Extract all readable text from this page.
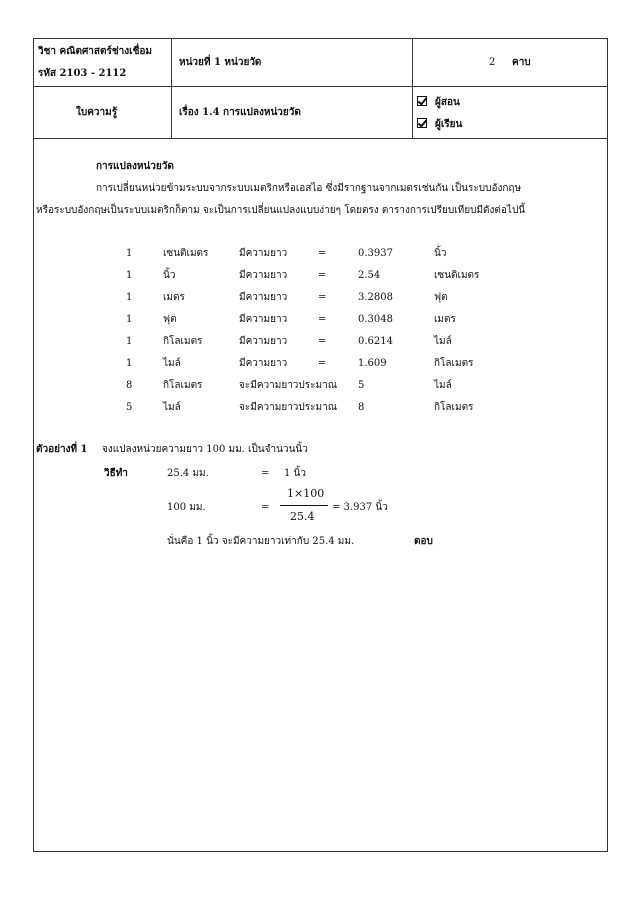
วิชา คณิตศาสตร์ช่างเชื่อม
รหัส 2103 - 2112
หน่วยที่ 1 หน่วยวัด	2 คาบ
ใบความรู้	เรื่อง 1.4 การแปลงหน่วยวัด
ผู้สอน
ผู้เรียน
การแปลงหน่วยวัด
การเปลี่ยนหน่วยข้ามระบบจากระบบเมตริกหรือเอสไอ ซึ่งมีรากฐานจากเมตรเช่นกัน เป็นระบบอังกฤษ
หรือระบบอังกฤษเป็นระบบเมตริกก็ตาม จะเป็นการเปลี่ยนแปลงแบบง่ายๆ โดยตรง ตารางการเปรียบเทียบมีดังต่อไปนี้
1	เซนติเมตร	มีความยาว	=	0.3937	นิ้ว
1	นิ้ว	มีความยาว	=	2.54	เซนติเมตร
1	เมตร	มีความยาว	=	3.2808	ฟุต
1	ฟุต	มีความยาว	=	0.3048	เมตร
1	กิโลเมตร	มีความยาว	=	0.6214	ไมล์
1	ไมล์	มีความยาว	=	1.609	กิโลเมตร
8	กิโลเมตร	จะมีความยาวประมาณ 5	ไมล์
5	ไมล์	จะมีความยาวประมาณ 8	กิโลเมตร
ตัวอย่างที่ 1 จงแปลงหน่วยความยาว 100 มม. เป็นจำนวนนิ้ว
วิธีทำ	25.4 มม.	= 1 นิ้ว
100 มม.	=
1×100
25.4
= 3.937 นิ้ว
นั่นคือ 1 นิ้ว จะมีความยาวเท่ากับ 25.4 มม.	ตอบ
